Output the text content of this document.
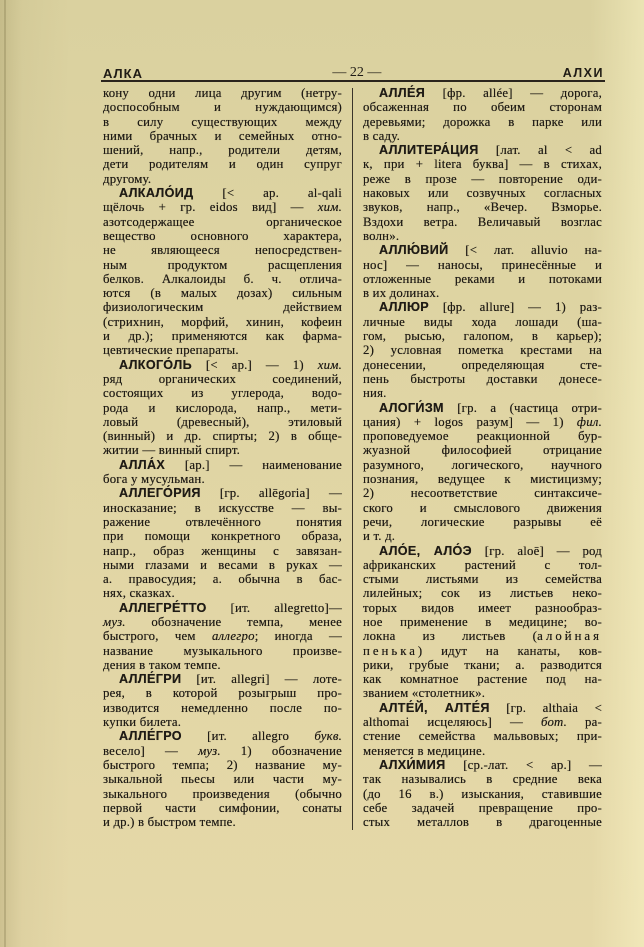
АЛКА	— 22 —	АЛХИ
кону одни лица другим (нетру-
доспособным и нуждающимся)
в силу существующих между
ними брачных и семейных отно-
шений, напр., родители детям,
дети родителям и один супруг
другому.
АЛКАЛО́ИД [< ар. al-qali
щёлочь + гр. eidos вид] — хим.
азотсодержащее органическое
вещество основного характера,
не являющееся непосредствен-
ным продуктом расщепления
белков. Алкалоиды б. ч. отлича-
ются (в малых дозах) сильным
физиологическим действием
(стрихнин, морфий, хинин, кофеин
и др.); применяются как фарма-
цевтические препараты.
АЛКОГО́ЛЬ [< ар.] — 1) хим.
ряд органических соединений,
состоящих из углерода, водо-
рода и кислорода, напр., мети-
ловый (древесный), этиловый
(винный) и др. спирты; 2) в обще-
житии — винный спирт.
АЛЛА́Х [ар.] — наименование
бога у мусульман.
АЛЛЕГО́РИЯ [гр. allēgoria] —
иносказание; в искусстве — вы-
ражение отвлечённого понятия
при помощи конкретного образа,
напр., образ женщины с завязан-
ными глазами и весами в руках —
а. правосудия; а. обычна в бас-
нях, сказках.
АЛЛЕГРЕ́ТТО [ит. allegretto]—
муз. обозначение темпа, менее
быстрого, чем аллегро; иногда —
название музыкального произве-
дения в таком темпе.
АЛЛЕ́ГРИ [ит. allegri] — лоте-
рея, в которой розыгрыш про-
изводится немедленно после по-
купки билета.
АЛЛЕ́ГРО [ит. allegro букв.
весело] — муз. 1) обозначение
быстрого темпа; 2) название му-
зыкальной пьесы или части му-
зыкального произведения (обычно
первой части симфонии, сонаты
и др.) в быстром темпе.
АЛЛЕ́Я [фр. allée] — дорога,
обсаженная по обеим сторонам
деревьями; дорожка в парке или
в саду.
АЛЛИТЕРА́ЦИЯ [лат. al < ad
к, при + litera буква] — в стихах,
реже в прозе — повторение оди-
наковых или созвучных согласных
звуков, напр., «Вечер. Взморье.
Вздохи ветра. Величавый возглас
волн».
АЛЛЮ́ВИЙ [< лат. alluvio на-
нос] — наносы, принесённые и
отложенные реками и потоками
в их долинах.
АЛЛЮР [фр. allure] — 1) раз-
личные виды хода лошади (ша-
гом, рысью, галопом, в карьер);
2) условная пометка крестами на
донесении, определяющая сте-
пень быстроты доставки донесе-
ния.
АЛОГИ́ЗМ [гр. a (частица отри-
цания) + logos разум] — 1) фил.
проповедуемое реакционной бур-
жуазной философией отрицание
разумного, логического, научного
познания, ведущее к мистицизму;
2) несоответствие синтаксиче-
ского и смыслового движения
речи, логические разрывы её
и т. д.
АЛО́Е, АЛО́Э [гр. aloē] — род
африканских растений с тол-
стыми листьями из семейства
лилейных; сок из листьев неко-
торых видов имеет разнообраз-
ное применение в медицине; во-
локна из листьев (алойная
пенька) идут на канаты, ков-
рики, грубые ткани; а. разводится
как комнатное растение под на-
званием «столетник».
АЛТЕ́Й, АЛТЕ́Я [гр. althaia <
althomai исцеляюсь] — бот. ра-
стение семейства мальвовых; при-
меняется в медицине.
АЛХИ́МИЯ [ср.-лат. < ар.] —
так назывались в средние века
(до 16 в.) изыскания, ставившие
себе задачей превращение про-
стых металлов в драгоценные
